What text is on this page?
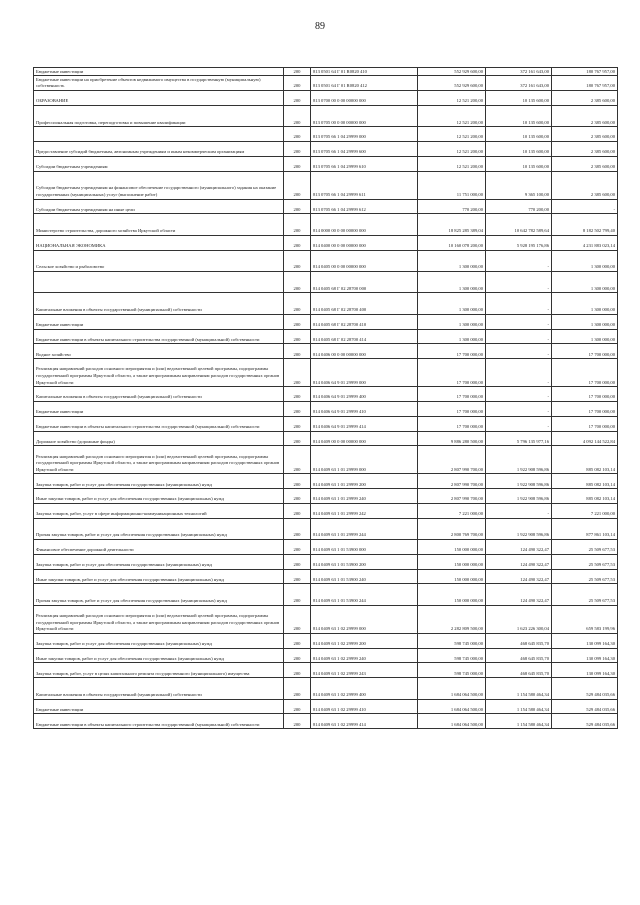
89
Бюджетные инвестиции	200	813 0501 64 Г 01 R0820 410	552 929 600,00	372 161 643,00	180 767 957,00
Бюджетные инвестиции на приобретение объектов недвижимого имущества в государственную (муниципальную) собственность	200	813 0501 64 Г 01 R0820 412	552 929 600,00	372 161 643,00	180 767 957,00
ОБРАЗОВАНИЕ	200	813 0700 00 0 00 00000 000	12 521 200,00	10 135 600,00	2 385 600,00
Профессиональная подготовка, переподготовка и повышение квалификации	200	813 0705 00 0 00 00000 000	12 521 200,00	10 135 600,00	2 385 600,00
	200	813 0705 66 1 04 29999 000	12 521 200,00	10 135 600,00	2 385 600,00
Предоставление субсидий бюджетным, автономным учреждениям и иным некоммерческим организациям	200	813 0705 66 1 04 29999 600	12 521 200,00	10 135 600,00	2 385 600,00
Субсидии бюджетным учреждениям	200	813 0705 66 1 04 29999 610	12 521 200,00	10 135 600,00	2 385 600,00
Субсидии бюджетным учреждениям на финансовое обеспечение государственного (муниципального) задания на оказание государственных (муниципальных) услуг (выполнение работ)	200	813 0705 66 1 04 29999 611	11 751 000,00	9 365 100,00	2 385 600,00
Субсидии бюджетным учреждениям на иные цели	200	813 0705 66 1 04 29999 612	770 200,00	770 200,00	-
Министерство строительства, дорожного хозяйства Иркутской области	200	814 0000 00 0 00 00000 000	18 825 285 389,04	10 642 782 589,64	8 182 502 799,40
НАЦИОНАЛЬНАЯ ЭКОНОМИКА	200	814 0400 00 0 00 00000 000	10 160 078 200,00	5 928 195 176,86	4 231 883 023,14
Сельское хозяйство и рыболовство	200	814 0405 00 0 00 00000 000	1 300 000,00	-	1 300 000,00
	200	814 0405 68 Г 02 28700 000	1 300 000,00	-	1 300 000,00
Капитальные вложения в объекты государственной (муниципальной) собственности	200	814 0405 68 Г 02 28700 400	1 300 000,00	-	1 300 000,00
Бюджетные инвестиции	200	814 0405 68 Г 02 28700 410	1 300 000,00	-	1 300 000,00
Бюджетные инвестиции в объекты капитального строительства государственной (муниципальной) собственности	200	814 0405 68 Г 02 28700 414	1 300 000,00	-	1 300 000,00
Водное хозяйство	200	814 0406 00 0 00 00000 000	17 700 000,00	-	17 700 000,00
Реализация направлений расходов основного мероприятия и (или) ведомственной целевой программы, подпрограммы государственной программы Иркутской области, а также непрограммным направлениям расходов государственных органов Иркутской области	200	814 0406 64 9 01 29999 000	17 700 000,00	-	17 700 000,00
Капитальные вложения в объекты государственной (муниципальной) собственности	200	814 0406 64 9 01 29999 400	17 700 000,00	-	17 700 000,00
Бюджетные инвестиции	200	814 0406 64 9 01 29999 410	17 700 000,00	-	17 700 000,00
Бюджетные инвестиции в объекты капитального строительства государственной (муниципальной) собственности	200	814 0406 64 9 01 29999 414	17 700 000,00	-	17 700 000,00
Дорожное хозяйство (дорожные фонды)	200	814 0409 00 0 00 00000 000	9 886 280 500,00	5 796 135 977,16	4 092 144 522,84
Реализация направлений расходов основного мероприятия и (или) ведомственной целевой программы, подпрограммы государственной программы Иркутской области, а также непрограммным направлениям расходов государственных органов Иркутской области	200	814 0409 63 1 01 29999 000	2 807 990 700,00	1 922 908 596,86	885 082 103,14
Закупка товаров, работ и услуг для обеспечения государственных (муниципальных) нужд	200	814 0409 63 1 01 29999 200	2 807 990 700,00	1 922 908 596,86	885 082 103,14
Иные закупки товаров, работ и услуг для обеспечения государственных (муниципальных) нужд	200	814 0409 63 1 01 29999 240	2 807 990 700,00	1 922 908 596,86	885 082 103,14
Закупка товаров, работ, услуг в сфере информационно-коммуникационных технологий	200	814 0409 63 1 01 29999 242	7 221 000,00	-	7 221 000,00
Прочая закупка товаров, работ и услуг для обеспечения государственных (муниципальных) нужд	200	814 0409 63 1 01 29999 244	2 800 769 700,00	1 922 908 596,86	877 861 103,14
Финансовое обеспечение дорожной деятельности	200	814 0409 63 1 01 53900 000	150 000 000,00	124 490 322,47	25 509 677,53
Закупка товаров, работ и услуг для обеспечения государственных (муниципальных) нужд	200	814 0409 63 1 01 53900 200	150 000 000,00	124 490 322,47	25 509 677,53
Иные закупки товаров, работ и услуг для обеспечения государственных (муниципальных) нужд	200	814 0409 63 1 01 53900 240	150 000 000,00	124 490 322,47	25 509 677,53
Прочая закупка товаров, работ и услуг для обеспечения государственных (муниципальных) нужд	200	814 0409 63 1 01 53900 244	150 000 000,00	124 490 322,47	25 509 677,53
Реализация направлений расходов основного мероприятия и (или) ведомственной целевой программы, подпрограммы государственной программы Иркутской области, а также непрограммным направлениям расходов государственных органов Иркутской области	200	814 0409 63 1 02 29999 000	2 282 809 500,00	1 623 226 300,04	659 583 199,96
Закупка товаров, работ и услуг для обеспечения государственных (муниципальных) нужд	200	814 0409 63 1 02 29999 200	598 745 000,00	468 645 835,70	130 099 164,30
Иные закупки товаров, работ и услуг для обеспечения государственных (муниципальных) нужд	200	814 0409 63 1 02 29999 240	598 745 000,00	468 645 835,70	130 099 164,30
Закупка товаров, работ, услуг в целях капитального ремонта государственного (муниципального) имущества	200	814 0409 63 1 02 29999 243	598 745 000,00	468 645 835,70	130 099 164,30
Капитальные вложения в объекты государственной (муниципальной) собственности	200	814 0409 63 1 02 29999 400	1 684 064 500,00	1 154 580 464,34	529 484 035,66
Бюджетные инвестиции	200	814 0409 63 1 02 29999 410	1 684 064 500,00	1 154 580 464,34	529 484 035,66
Бюджетные инвестиции в объекты капитального строительства государственной (муниципальной) собственности	200	814 0409 63 1 02 29999 414	1 684 064 500,00	1 154 580 464,34	529 484 035,66
